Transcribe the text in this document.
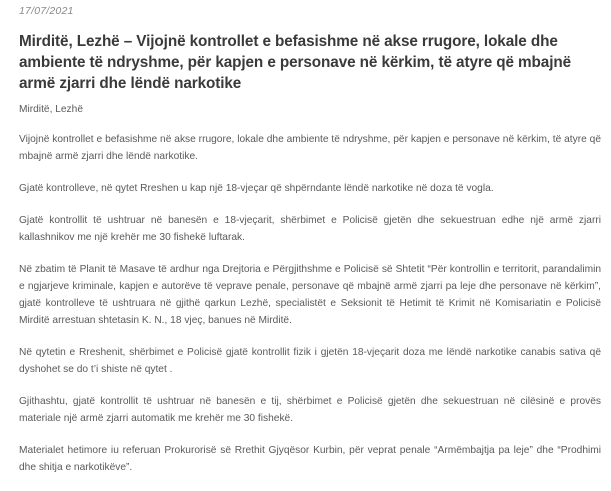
17/07/2021
Mirditë, Lezhë – Vijojnë kontrollet e befasishme në akse rrugore, lokale dhe ambiente të ndryshme, për kapjen e personave në kërkim, të atyre që mbajnë armë zjarri dhe lëndë narkotike

Mirditë, Lezhë

Vijojnë kontrollet e befasishme në akse rrugore, lokale dhe ambiente të ndryshme, për kapjen e personave në kërkim, të atyre që mbajnë armë zjarri dhe lëndë narkotike.

Gjatë kontrolleve, në qytet Rreshen u kap një 18-vjeçar që shpërndante lëndë narkotike në doza të vogla.

Gjatë kontrollit të ushtruar në banesën e 18-vjeçarit, shërbimet e Policisë gjetën dhe sekuestruan edhe një armë zjarri kallashnikov me një krehër me 30 fishekë luftarak.

Në zbatim të Planit të Masave të ardhur nga Drejtoria e Përgjithshme e Policisë së Shtetit “Për kontrollin e territorit, parandalimin e ngjarjeve kriminale, kapjen e autorëve të veprave penale, personave që mbajnë armë zjarri pa leje dhe personave në kërkim”, gjatë kontrolleve të ushtruara në gjithë qarkun Lezhë, specialistët e Seksionit të Hetimit të Krimit në Komisariatin e Policisë Mirditë arrestuan shtetasin K. N., 18 vjeç, banues në Mirditë.

Në qytetin e Rreshenit, shërbimet e Policisë gjatë kontrollit fizik i gjetën 18-vjeçarit doza me lëndë narkotike canabis sativa që dyshohet se do t’i shiste në qytet .

Gjithashtu, gjatë kontrollit të ushtruar në banesën e tij, shërbimet e Policisë gjetën dhe sekuestruan në cilësinë e provës materiale një armë zjarri automatik me krehër me 30 fishekë.

Materialet hetimore iu referuan Prokurorisë së Rrethit Gjyqësor Kurbin, për veprat penale “Armëmbajtja pa leje” dhe “Prodhimi dhe shitja e narkotikëve”.
